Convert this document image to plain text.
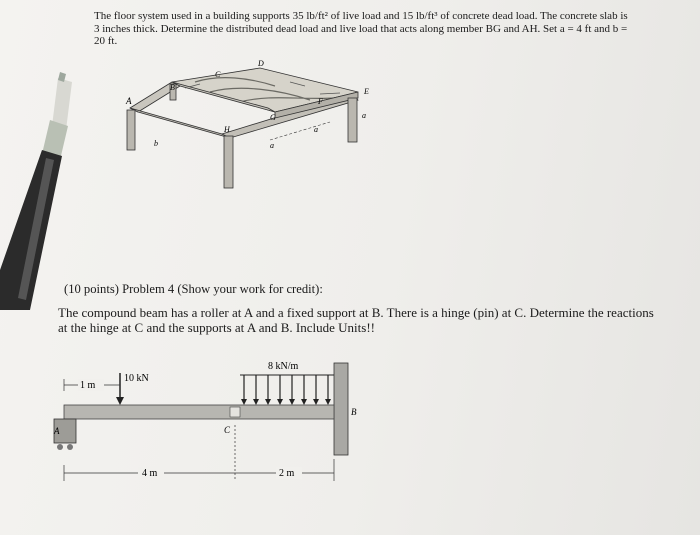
The floor system used in a building supports 35 lb/ft² of live load and 15 lb/ft³ of concrete dead load. The concrete slab is 3 inches thick. Determine the distributed dead load and live load that acts along member BG and AH. Set a = 4 ft and b = 20 ft.
A
B
C
D
E
F
G
H
a
a
a
b
(10 points) Problem 4 (Show your work for credit):
The compound beam has a roller at A and a fixed support at B. There is a hinge (pin) at C. Determine the reactions at the hinge at C and the supports at A and B. Include Units!!
1 m
10 kN
8 kN/m
4 m	2 m
A	C
B
